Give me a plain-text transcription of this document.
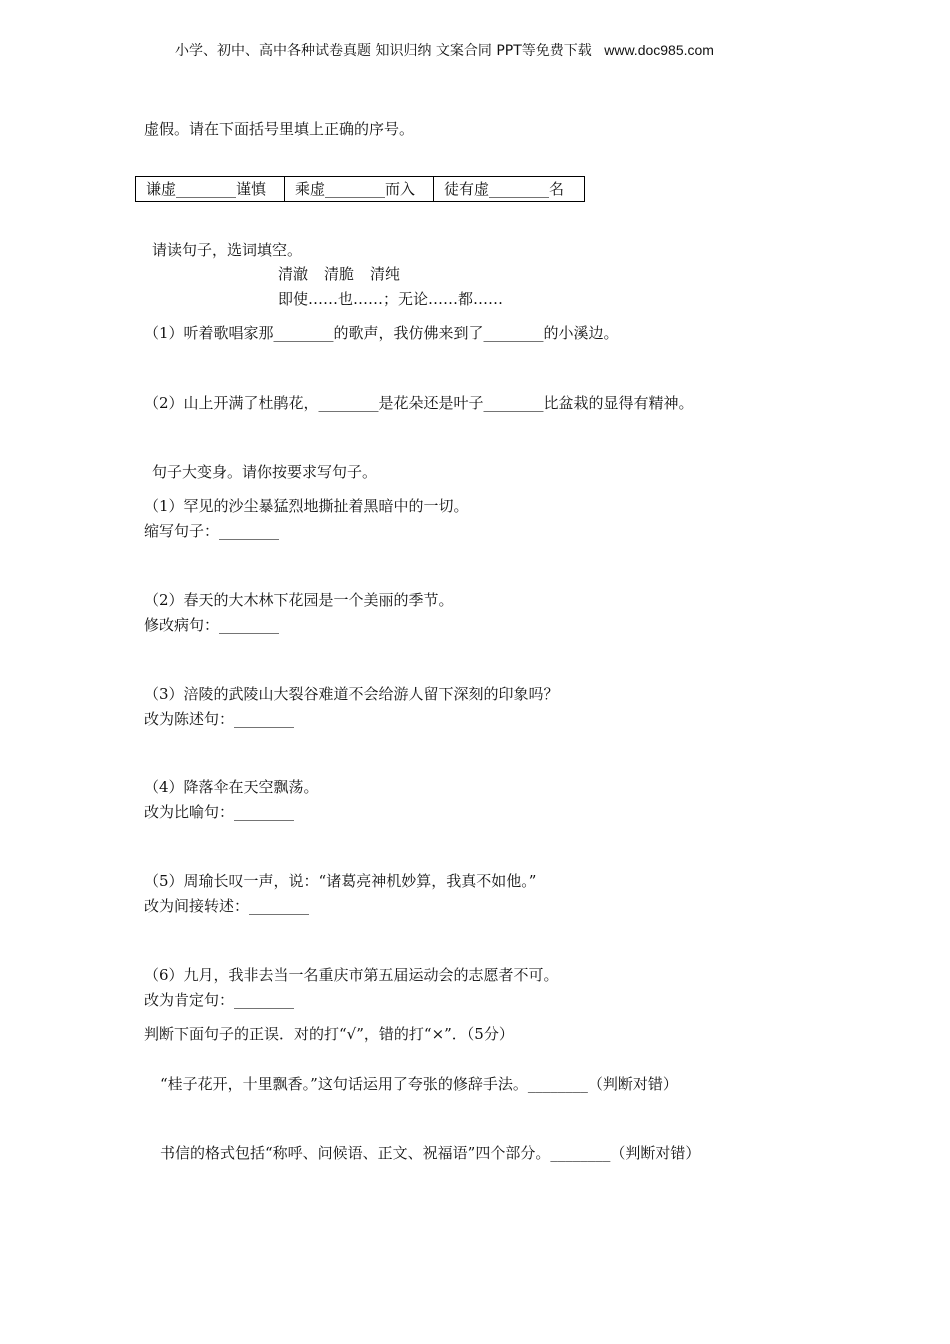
小学、初中、高中各种试卷真题 知识归纳 文案合同 PPT等免费下载 www.doc985.com
虚假。请在下面括号里填上正确的序号。
谦虚________谨慎	乘虚________而入	徒有虚________名
请读句子，选词填空。
清澈 清脆 清纯
即使……也……；无论……都……
（1）听着歌唱家那________的歌声，我仿佛来到了________的小溪边。
（2）山上开满了杜鹃花，________是花朵还是叶子________比盆栽的显得有精神。
句子大变身。请你按要求写句子。
（1）罕见的沙尘暴猛烈地撕扯着黑暗中的一切。
缩写句子：________
（2）春天的大木林下花园是一个美丽的季节。
修改病句：________
（3）涪陵的武陵山大裂谷难道不会给游人留下深刻的印象吗？
改为陈述句：________
（4）降落伞在天空飘荡。
改为比喻句：________
（5）周瑜长叹一声，说：“诸葛亮神机妙算，我真不如他。”
改为间接转述：________
（6）九月，我非去当一名重庆市第五届运动会的志愿者不可。
改为肯定句：________
判断下面句子的正误．对的打“√”，错的打“×”．（5分）
“桂子花开，十里飘香。”这句话运用了夸张的修辞手法。________（判断对错）
书信的格式包括“称呼、问候语、正文、祝福语”四个部分。________（判断对错）
